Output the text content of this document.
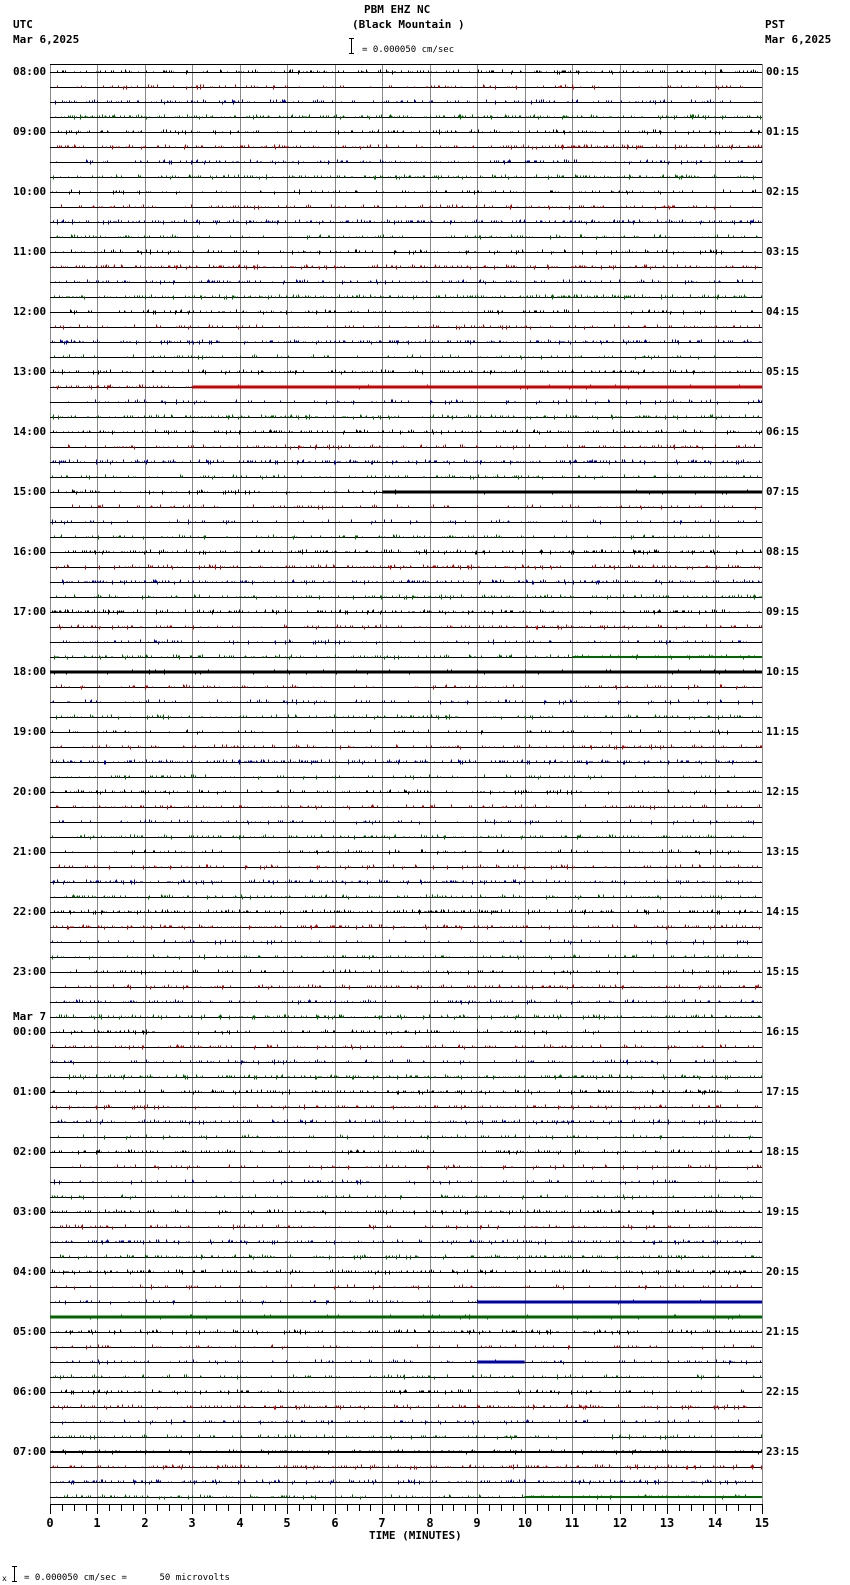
PBM EHZ NC
(Black Mountain )
UTC
Mar 6,2025
PST
Mar 6,2025
= 0.000050 cm/sec
08:00	00:15
09:00	01:15
10:00	02:15
11:00	03:15
12:00	04:15
13:00	05:15
14:00	06:15
15:00	07:15
16:00	08:15
17:00	09:15
18:00	10:15
19:00	11:15
20:00	12:15
21:00	13:15
22:00	14:15
23:00	15:15
00:00	16:15
01:00	17:15
02:00	18:15
03:00	19:15
04:00	20:15
05:00	21:15
06:00	22:15
07:00	23:15
Mar 7
0	1	2	3	4	5	6	7	8	9	10	11	12	13	14	15
TIME (MINUTES)
x = 0.000050 cm/sec =      50 microvolts
